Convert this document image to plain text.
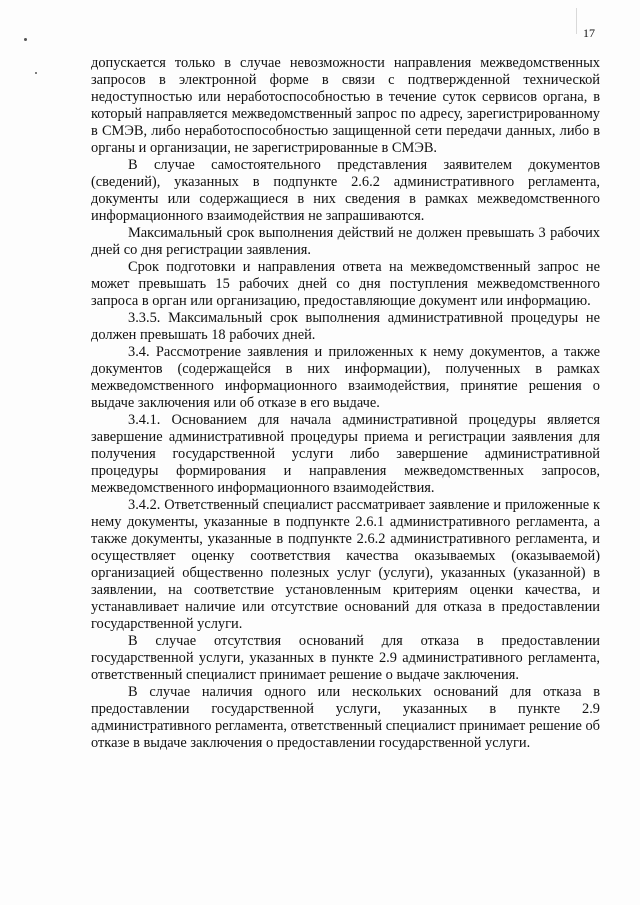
17

допускается только в случае невозможности направления межведомственных запросов в электронной форме в связи с подтвержденной технической недоступностью или неработоспособностью в течение суток сервисов органа, в который направляется межведомственный запрос по адресу, зарегистрированному в СМЭВ, либо неработоспособностью защищенной сети передачи данных, либо в органы и организации, не зарегистрированные в СМЭВ.

В случае самостоятельного представления заявителем документов (сведений), указанных в подпункте 2.6.2 административного регламента, документы или содержащиеся в них сведения в рамках межведомственного информационного взаимодействия не запрашиваются.

Максимальный срок выполнения действий не должен превышать 3 рабочих дней со дня регистрации заявления.

Срок подготовки и направления ответа на межведомственный запрос не может превышать 15 рабочих дней со дня поступления межведомственного запроса в орган или организацию, предоставляющие документ или информацию.

3.3.5. Максимальный срок выполнения административной процедуры не должен превышать 18 рабочих дней.

3.4. Рассмотрение заявления и приложенных к нему документов, а также документов (содержащейся в них информации), полученных в рамках межведомственного информационного взаимодействия, принятие решения о выдаче заключения или об отказе в его выдаче.

3.4.1. Основанием для начала административной процедуры является завершение административной процедуры приема и регистрации заявления для получения государственной услуги либо завершение административной процедуры формирования и направления межведомственных запросов, межведомственного информационного взаимодействия.

3.4.2. Ответственный специалист рассматривает заявление и приложенные к нему документы, указанные в подпункте 2.6.1 административного регламента, а также документы, указанные в подпункте 2.6.2 административного регламента, и осуществляет оценку соответствия качества оказываемых (оказываемой) организацией общественно полезных услуг (услуги), указанных (указанной) в заявлении, на соответствие установленным критериям оценки качества, и устанавливает наличие или отсутствие оснований для отказа в предоставлении государственной услуги.

В случае отсутствия оснований для отказа в предоставлении государственной услуги, указанных в пункте 2.9 административного регламента, ответственный специалист принимает решение о выдаче заключения.

В случае наличия одного или нескольких оснований для отказа в предоставлении государственной услуги, указанных в пункте 2.9 административного регламента, ответственный специалист принимает решение об отказе в выдаче заключения о предоставлении государственной услуги.
